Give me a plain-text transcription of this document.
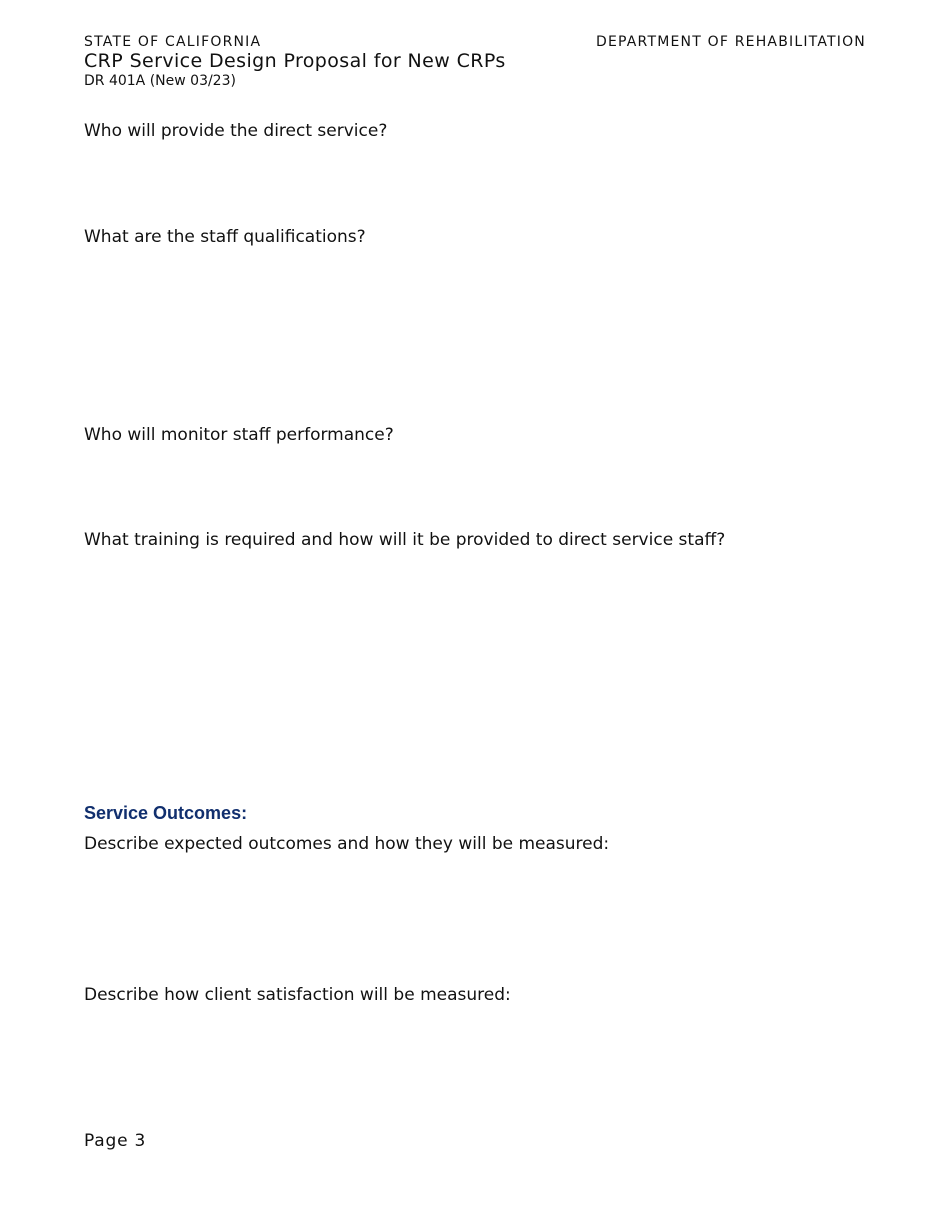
STATE OF CALIFORNIA	DEPARTMENT OF REHABILITATION
CRP Service Design Proposal for New CRPs
DR 401A (New 03/23)
Who will provide the direct service?
What are the staff qualifications?
Who will monitor staff performance?
What training is required and how will it be provided to direct service staff?
Service Outcomes:
Describe expected outcomes and how they will be measured:
Describe how client satisfaction will be measured:
Page 3
